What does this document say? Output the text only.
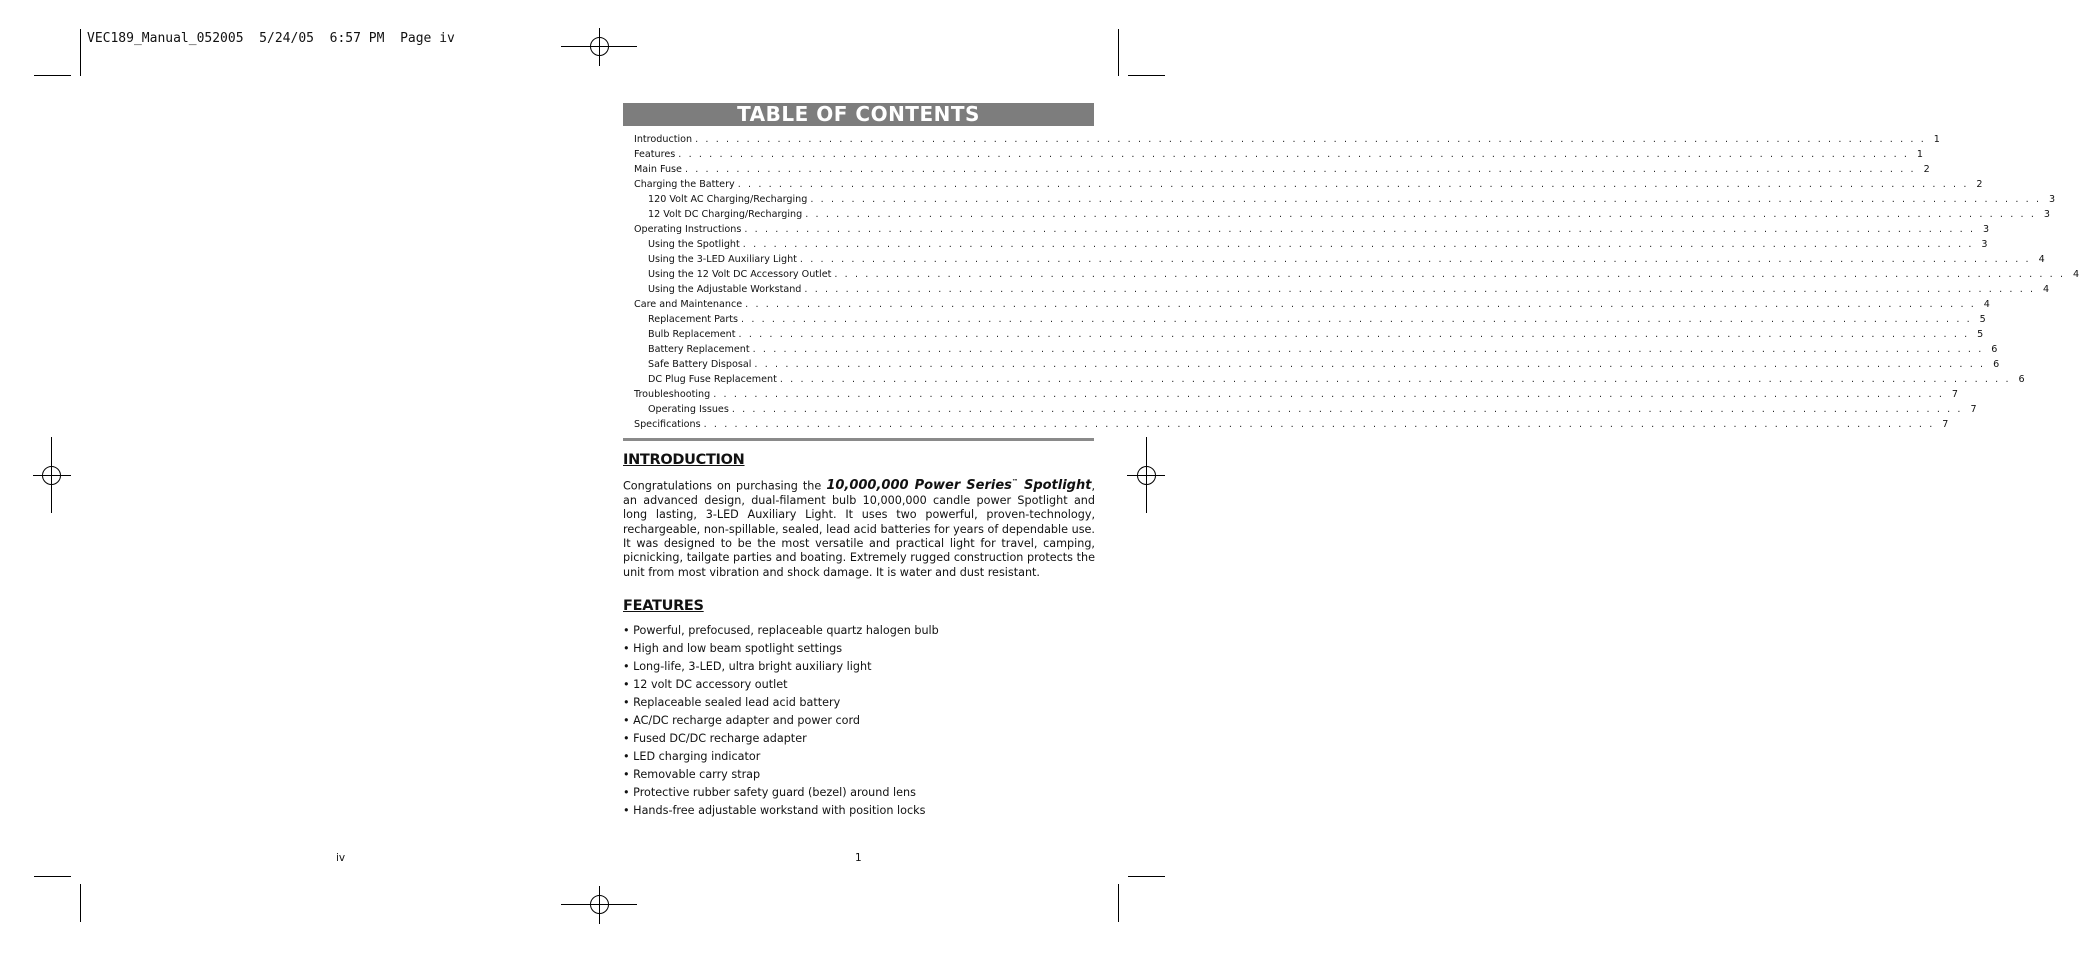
VEC189_Manual_052005  5/24/05  6:57 PM  Page iv
TABLE OF CONTENTS
Introduction . . . . . . . . . . . . . . . . . . . . . . . . . . . . . . . . . . . . . . . . . . . . . . . . . . . . . . . . . . . . . . . . . . . . . . . . . . . . . . . . . . . . . . . . . . . . . . . . . . . . . . . . . . . . . . . . . . . . . . . . 1
Features . . . . . . . . . . . . . . . . . . . . . . . . . . . . . . . . . . . . . . . . . . . . . . . . . . . . . . . . . . . . . . . . . . . . . . . . . . . . . . . . . . . . . . . . . . . . . . . . . . . . . . . . . . . . . . . . . . . . . . . . 1
Main Fuse . . . . . . . . . . . . . . . . . . . . . . . . . . . . . . . . . . . . . . . . . . . . . . . . . . . . . . . . . . . . . . . . . . . . . . . . . . . . . . . . . . . . . . . . . . . . . . . . . . . . . . . . . . . . . . . . . . . . . . . . 2
Charging the Battery . . . . . . . . . . . . . . . . . . . . . . . . . . . . . . . . . . . . . . . . . . . . . . . . . . . . . . . . . . . . . . . . . . . . . . . . . . . . . . . . . . . . . . . . . . . . . . . . . . . . . . . . . . . . . . . . . . . . . . . . 2
120 Volt AC Charging/Recharging . . . . . . . . . . . . . . . . . . . . . . . . . . . . . . . . . . . . . . . . . . . . . . . . . . . . . . . . . . . . . . . . . . . . . . . . . . . . . . . . . . . . . . . . . . . . . . . . . . . . . . . . . . . . . . . . . . . . . . . . 3
12 Volt DC Charging/Recharging . . . . . . . . . . . . . . . . . . . . . . . . . . . . . . . . . . . . . . . . . . . . . . . . . . . . . . . . . . . . . . . . . . . . . . . . . . . . . . . . . . . . . . . . . . . . . . . . . . . . . . . . . . . . . . . . . . . . . . . . 3
Operating Instructions . . . . . . . . . . . . . . . . . . . . . . . . . . . . . . . . . . . . . . . . . . . . . . . . . . . . . . . . . . . . . . . . . . . . . . . . . . . . . . . . . . . . . . . . . . . . . . . . . . . . . . . . . . . . . . . . . . . . . . . . 3
Using the Spotlight . . . . . . . . . . . . . . . . . . . . . . . . . . . . . . . . . . . . . . . . . . . . . . . . . . . . . . . . . . . . . . . . . . . . . . . . . . . . . . . . . . . . . . . . . . . . . . . . . . . . . . . . . . . . . . . . . . . . . . . . 3
Using the 3-LED Auxiliary Light . . . . . . . . . . . . . . . . . . . . . . . . . . . . . . . . . . . . . . . . . . . . . . . . . . . . . . . . . . . . . . . . . . . . . . . . . . . . . . . . . . . . . . . . . . . . . . . . . . . . . . . . . . . . . . . . . . . . . . . . 4
Using the 12 Volt DC Accessory Outlet . . . . . . . . . . . . . . . . . . . . . . . . . . . . . . . . . . . . . . . . . . . . . . . . . . . . . . . . . . . . . . . . . . . . . . . . . . . . . . . . . . . . . . . . . . . . . . . . . . . . . . . . . . . . . . . . . . . . . . . . 4
Using the Adjustable Workstand . . . . . . . . . . . . . . . . . . . . . . . . . . . . . . . . . . . . . . . . . . . . . . . . . . . . . . . . . . . . . . . . . . . . . . . . . . . . . . . . . . . . . . . . . . . . . . . . . . . . . . . . . . . . . . . . . . . . . . . . 4
Care and Maintenance . . . . . . . . . . . . . . . . . . . . . . . . . . . . . . . . . . . . . . . . . . . . . . . . . . . . . . . . . . . . . . . . . . . . . . . . . . . . . . . . . . . . . . . . . . . . . . . . . . . . . . . . . . . . . . . . . . . . . . . . 4
Replacement Parts . . . . . . . . . . . . . . . . . . . . . . . . . . . . . . . . . . . . . . . . . . . . . . . . . . . . . . . . . . . . . . . . . . . . . . . . . . . . . . . . . . . . . . . . . . . . . . . . . . . . . . . . . . . . . . . . . . . . . . . . 5
Bulb Replacement . . . . . . . . . . . . . . . . . . . . . . . . . . . . . . . . . . . . . . . . . . . . . . . . . . . . . . . . . . . . . . . . . . . . . . . . . . . . . . . . . . . . . . . . . . . . . . . . . . . . . . . . . . . . . . . . . . . . . . . . 5
Battery Replacement . . . . . . . . . . . . . . . . . . . . . . . . . . . . . . . . . . . . . . . . . . . . . . . . . . . . . . . . . . . . . . . . . . . . . . . . . . . . . . . . . . . . . . . . . . . . . . . . . . . . . . . . . . . . . . . . . . . . . . . . 6
Safe Battery Disposal . . . . . . . . . . . . . . . . . . . . . . . . . . . . . . . . . . . . . . . . . . . . . . . . . . . . . . . . . . . . . . . . . . . . . . . . . . . . . . . . . . . . . . . . . . . . . . . . . . . . . . . . . . . . . . . . . . . . . . . . 6
DC Plug Fuse Replacement . . . . . . . . . . . . . . . . . . . . . . . . . . . . . . . . . . . . . . . . . . . . . . . . . . . . . . . . . . . . . . . . . . . . . . . . . . . . . . . . . . . . . . . . . . . . . . . . . . . . . . . . . . . . . . . . . . . . . . . . 6
Troubleshooting . . . . . . . . . . . . . . . . . . . . . . . . . . . . . . . . . . . . . . . . . . . . . . . . . . . . . . . . . . . . . . . . . . . . . . . . . . . . . . . . . . . . . . . . . . . . . . . . . . . . . . . . . . . . . . . . . . . . . . . . 7
Operating Issues . . . . . . . . . . . . . . . . . . . . . . . . . . . . . . . . . . . . . . . . . . . . . . . . . . . . . . . . . . . . . . . . . . . . . . . . . . . . . . . . . . . . . . . . . . . . . . . . . . . . . . . . . . . . . . . . . . . . . . . . 7
Specifications . . . . . . . . . . . . . . . . . . . . . . . . . . . . . . . . . . . . . . . . . . . . . . . . . . . . . . . . . . . . . . . . . . . . . . . . . . . . . . . . . . . . . . . . . . . . . . . . . . . . . . . . . . . . . . . . . . . . . . . . 7
INTRODUCTION
Congratulations on purchasing the 10,000,000 Power Series™ Spotlight, an advanced design, dual-filament bulb 10,000,000 candle power Spotlight and long lasting, 3-LED Auxiliary Light. It uses two powerful, proven-technology, rechargeable, non-spillable, sealed, lead acid batteries for years of dependable use. It was designed to be the most versatile and practical light for travel, camping, picnicking, tailgate parties and boating. Extremely rugged construction protects the unit from most vibration and shock damage. It is water and dust resistant.
FEATURES
• Powerful, prefocused, replaceable quartz halogen bulb
• High and low beam spotlight settings
• Long-life, 3-LED, ultra bright auxiliary light
• 12 volt DC accessory outlet
• Replaceable sealed lead acid battery
• AC/DC recharge adapter and power cord
• Fused DC/DC recharge adapter
• LED charging indicator
• Removable carry strap
• Protective rubber safety guard (bezel) around lens
• Hands-free adjustable workstand with position locks
iv	1
